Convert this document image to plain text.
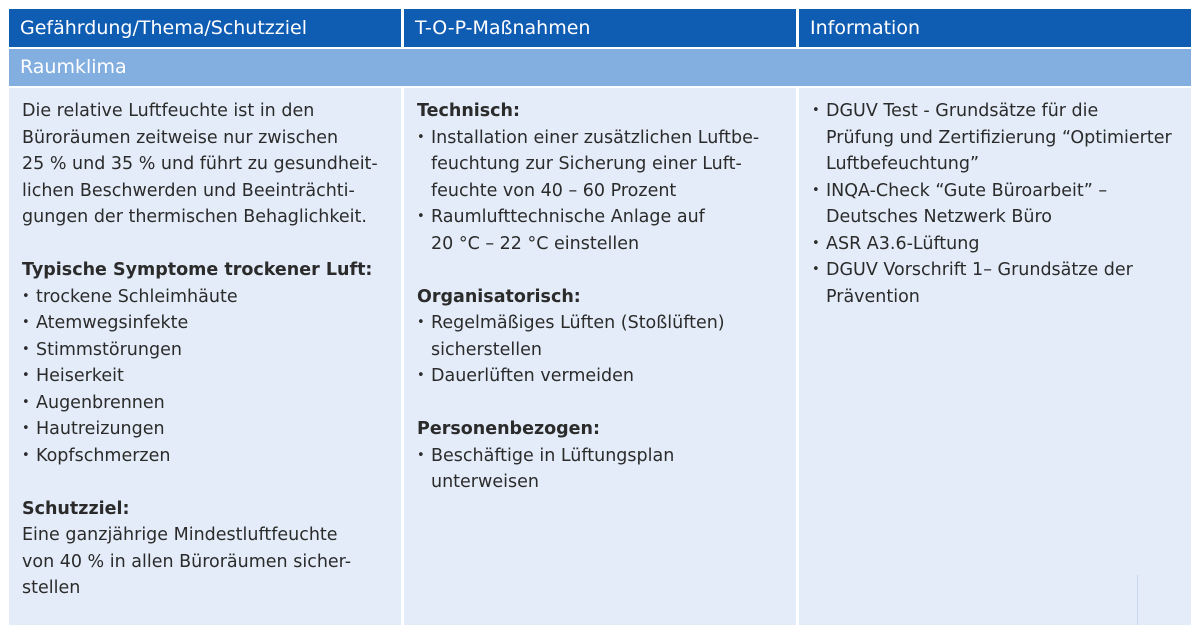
Gefährdung/Thema/Schutzziel	T-O-P-Maßnahmen	Information
Raumklima
Die relative Luftfeuchte ist in den
Büroräumen zeitweise nur zwischen
25 % und 35 % und führt zu gesundheit-
lichen Beschwerden und Beeinträchti-
gungen der thermischen Behaglichkeit.
Typische Symptome trockener Luft:
• trockene Schleimhäute
• Atemwegsinfekte
• Stimmstörungen
• Heiserkeit
• Augenbrennen
• Hautreizungen
• Kopfschmerzen
Schutzziel:
Eine ganzjährige Mindestluftfeuchte
von 40 % in allen Büroräumen sicher-
stellen
Technisch:
• Installation einer zusätzlichen Luftbe-
feuchtung zur Sicherung einer Luft-
feuchte von 40 – 60 Prozent
• Raumlufttechnische Anlage auf
20 °C – 22 °C einstellen
Organisatorisch:
• Regelmäßiges Lüften (Stoßlüften)
sicherstellen
• Dauerlüften vermeiden
Personenbezogen:
• Beschäftige in Lüftungsplan unterweisen
• DGUV Test - Grundsätze für die
Prüfung und Zertifizierung “Optimierter
Luftbefeuchtung”
• INQA-Check “Gute Büroarbeit” –
Deutsches Netzwerk Büro
• ASR A3.6-Lüftung
• DGUV Vorschrift 1– Grundsätze der
Prävention
